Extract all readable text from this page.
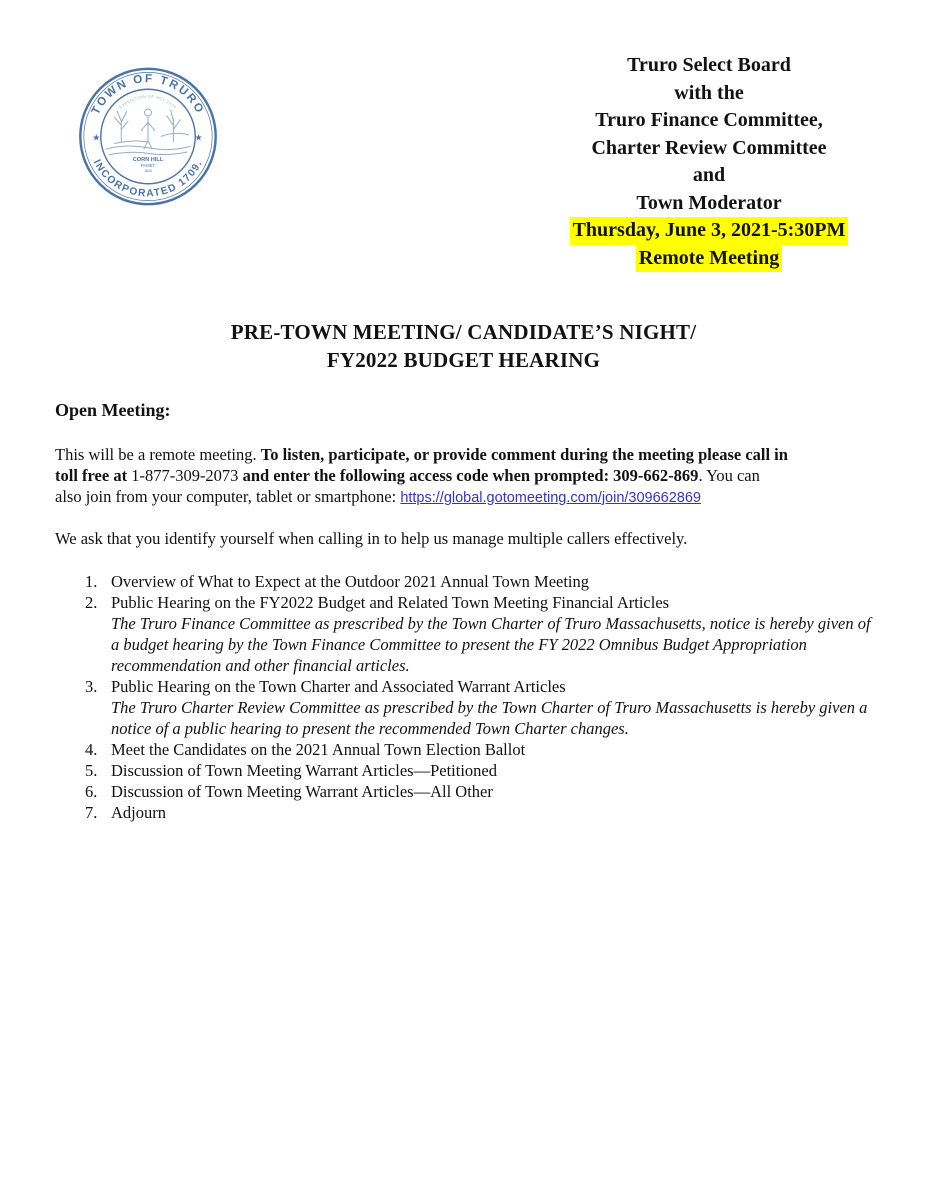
TOWN OF TRURO
INCORPORATED 1709.
EXPEDITION OF NOV 1620
★	★
CORN HILL
PAMET
1620
Truro Select Board
with the
Truro Finance Committee,
Charter Review Committee
and
Town Moderator
Thursday, June 3, 2021-5:30PM
Remote Meeting
PRE-TOWN MEETING/ CANDIDATE’S NIGHT/
FY2022 BUDGET HEARING
Open Meeting:
This will be a remote meeting. To listen, participate, or provide comment during the meeting please call in
toll free at 1-877-309-2073 and enter the following access code when prompted: 309-662-869. You can
also join from your computer, tablet or smartphone: https://global.gotomeeting.com/join/309662869
We ask that you identify yourself when calling in to help us manage multiple callers effectively.
1. Overview of What to Expect at the Outdoor 2021 Annual Town Meeting
2. Public Hearing on the FY2022 Budget and Related Town Meeting Financial Articles
The Truro Finance Committee as prescribed by the Town Charter of Truro Massachusetts, notice is hereby given of a budget hearing by the Town Finance Committee to present the FY 2022 Omnibus Budget Appropriation recommendation and other financial articles.
3. Public Hearing on the Town Charter and Associated Warrant Articles
The Truro Charter Review Committee as prescribed by the Town Charter of Truro Massachusetts is hereby given a notice of a public hearing to present the recommended Town Charter changes.
4. Meet the Candidates on the 2021 Annual Town Election Ballot
5. Discussion of Town Meeting Warrant Articles—Petitioned
6. Discussion of Town Meeting Warrant Articles—All Other
7. Adjourn
